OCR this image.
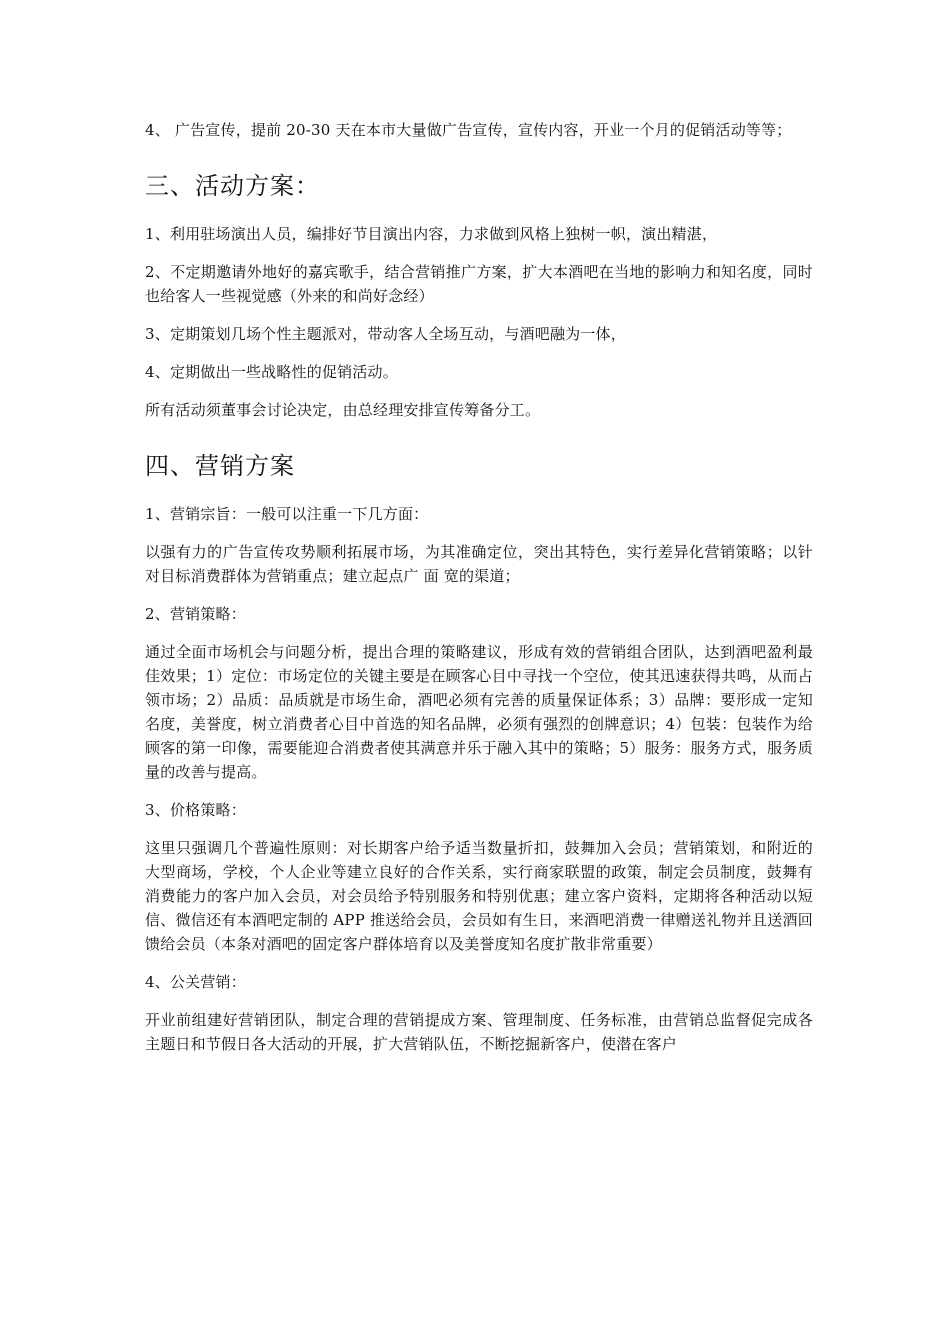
4、 广告宣传，提前 20-30 天在本市大量做广告宣传，宣传内容，开业一个月的促销活动等等；

三、活动方案：

1、利用驻场演出人员，编排好节目演出内容，力求做到风格上独树一帜，演出精湛，

2、不定期邀请外地好的嘉宾歌手，结合营销推广方案，扩大本酒吧在当地的影响力和知名度，同时也给客人一些视觉感（外来的和尚好念经）

3、定期策划几场个性主题派对，带动客人全场互动，与酒吧融为一体，

4、定期做出一些战略性的促销活动。

所有活动须董事会讨论决定，由总经理安排宣传筹备分工。

四、营销方案

1、营销宗旨：一般可以注重一下几方面：

以强有力的广告宣传攻势顺利拓展市场，为其准确定位，突出其特色，实行差异化营销策略；以针对目标消费群体为营销重点；建立起点广 面 宽的渠道；

2、营销策略：

通过全面市场机会与问题分析，提出合理的策略建议，形成有效的营销组合团队，达到酒吧盈利最佳效果；1）定位：市场定位的关键主要是在顾客心目中寻找一个空位，使其迅速获得共鸣，从而占领市场；2）品质：品质就是市场生命，酒吧必须有完善的质量保证体系；3）品牌：要形成一定知名度，美誉度，树立消费者心目中首选的知名品牌，必须有强烈的创牌意识；4）包装：包装作为给顾客的第一印像，需要能迎合消费者使其满意并乐于融入其中的策略；5）服务：服务方式，服务质量的改善与提高。

3、价格策略：

这里只强调几个普遍性原则：对长期客户给予适当数量折扣，鼓舞加入会员；营销策划，和附近的大型商场，学校，个人企业等建立良好的合作关系，实行商家联盟的政策，制定会员制度，鼓舞有消费能力的客户加入会员，对会员给予特别服务和特别优惠；建立客户资料，定期将各种活动以短信、微信还有本酒吧定制的 APP 推送给会员，会员如有生日，来酒吧消费一律赠送礼物并且送酒回馈给会员（本条对酒吧的固定客户群体培育以及美誉度知名度扩散非常重要）

4、公关营销：

开业前组建好营销团队，制定合理的营销提成方案、管理制度、任务标准，由营销总监督促完成各主题日和节假日各大活动的开展，扩大营销队伍，不断挖掘新客户，使潜在客户
